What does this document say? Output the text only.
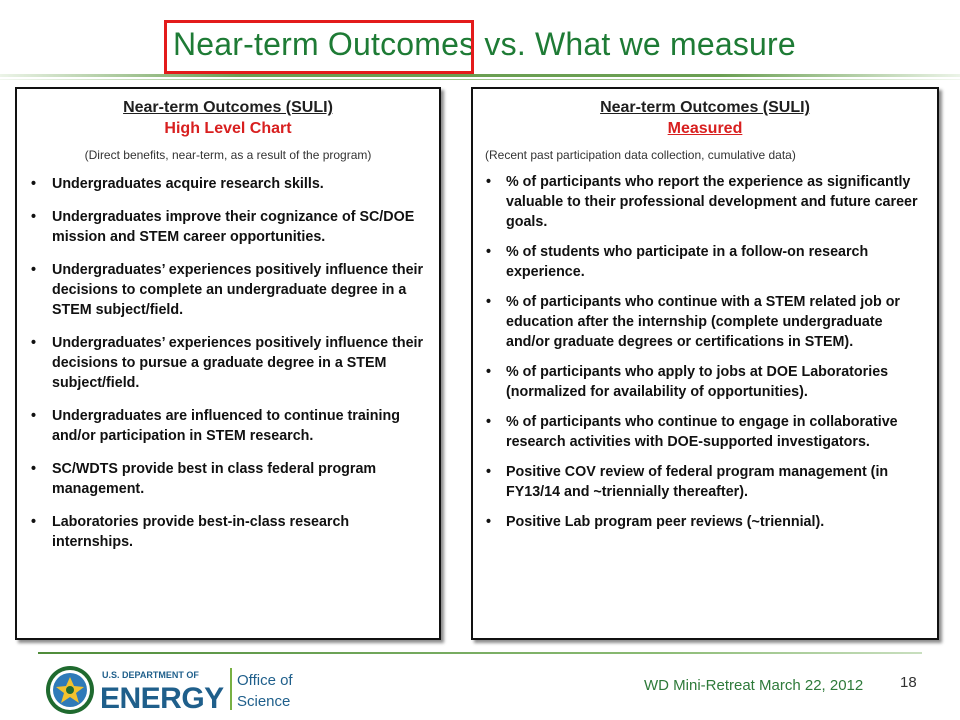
Near-term Outcomes vs. What we measure
Near-term Outcomes (SULI)
High Level Chart
(Direct benefits, near-term, as a result of the program)
• Undergraduates acquire research skills.
• Undergraduates improve their cognizance of SC/DOE mission and STEM career opportunities.
• Undergraduates’ experiences positively influence their decisions to complete an undergraduate degree in a STEM subject/field.
• Undergraduates’ experiences positively influence their decisions to pursue a graduate degree in a STEM subject/field.
• Undergraduates are influenced to continue training and/or participation in STEM research.
• SC/WDTS provide best in class federal program management.
• Laboratories provide best-in-class research internships.
Near-term Outcomes (SULI)
Measured
(Recent past participation data collection, cumulative data)
• % of participants who report the experience as significantly valuable to their professional development and future career goals.
• % of students who participate in a follow-on research experience.
• % of participants who continue with a STEM related job or education after the internship (complete undergraduate and/or graduate degrees or certifications in STEM).
• % of participants who apply to jobs at DOE Laboratories (normalized for availability of opportunities).
• % of participants who continue to engage in collaborative research activities with DOE-supported investigators.
• Positive COV review of federal program management (in FY13/14 and ~triennially thereafter).
• Positive Lab program peer reviews (~triennial).
U.S. DEPARTMENT OF
ENERGY
Office of
Science
WD Mini-Retreat March 22, 2012 18
